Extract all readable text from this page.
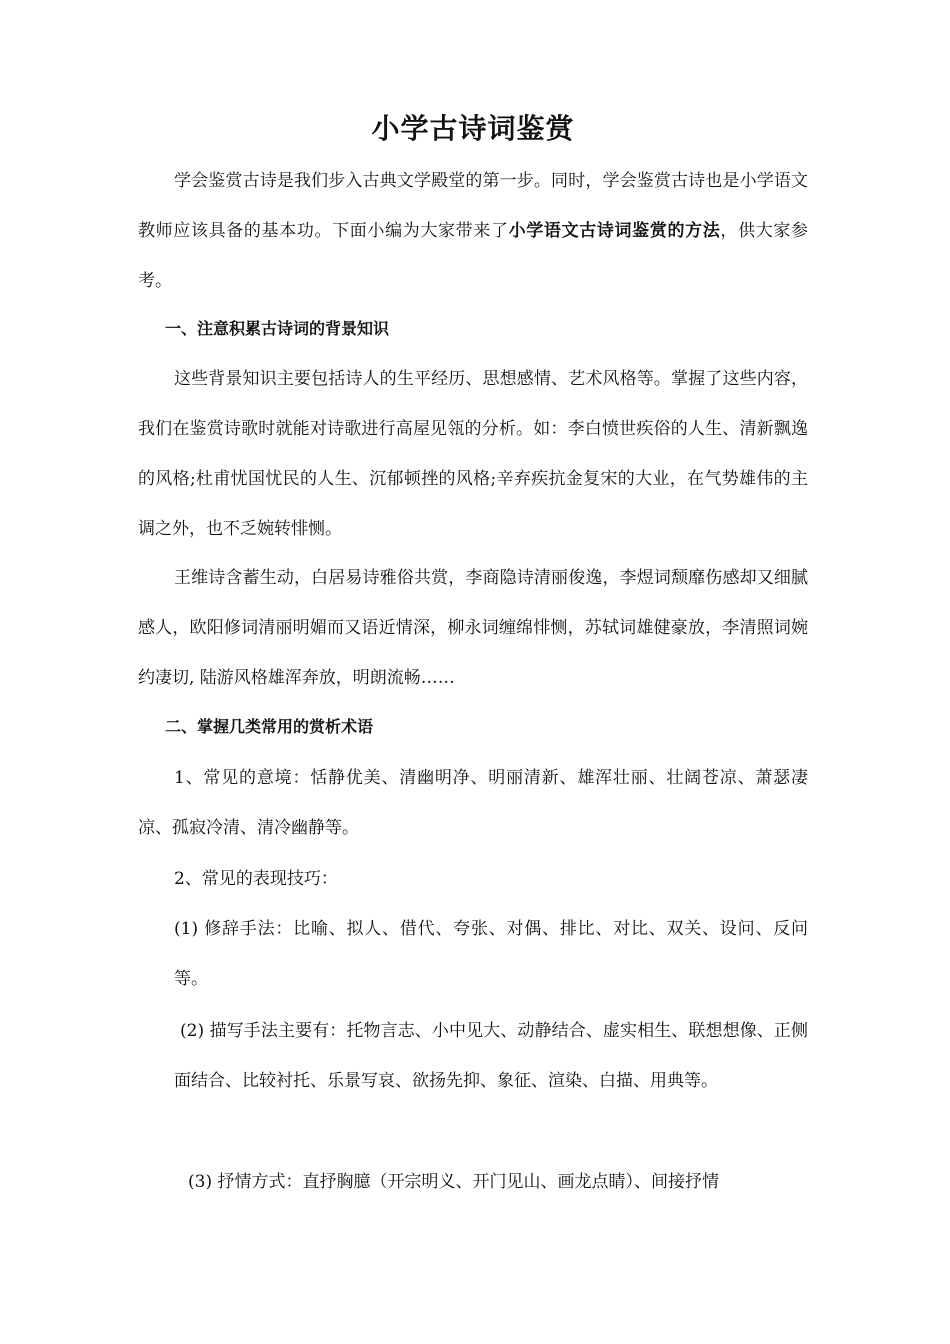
小学古诗词鉴赏

学会鉴赏古诗是我们步入古典文学殿堂的第一步。同时，学会鉴赏古诗也是小学语文教师应该具备的基本功。下面小编为大家带来了小学语文古诗词鉴赏的方法，供大家参考。

一、注意积累古诗词的背景知识

这些背景知识主要包括诗人的生平经历、思想感情、艺术风格等。掌握了这些内容，我们在鉴赏诗歌时就能对诗歌进行高屋见瓴的分析。如：李白愤世疾俗的人生、清新飘逸的风格;杜甫忧国忧民的人生、沉郁顿挫的风格;辛弃疾抗金复宋的大业，在气势雄伟的主调之外，也不乏婉转悱恻。

王维诗含蓄生动，白居易诗雅俗共赏，李商隐诗清丽俊逸，李煜词颓靡伤感却又细腻感人，欧阳修词清丽明媚而又语近情深，柳永词缠绵悱恻，苏轼词雄健豪放，李清照词婉约凄切, 陆游风格雄浑奔放，明朗流畅……

二、掌握几类常用的赏析术语

1、常见的意境：恬静优美、清幽明净、明丽清新、雄浑壮丽、壮阔苍凉、萧瑟凄凉、孤寂冷清、清冷幽静等。

2、常见的表现技巧：

(1) 修辞手法：比喻、拟人、借代、夸张、对偶、排比、对比、双关、设问、反问等。

(2) 描写手法主要有：托物言志、小中见大、动静结合、虚实相生、联想想像、正侧面结合、比较衬托、乐景写哀、欲扬先抑、象征、渲染、白描、用典等。

(3) 抒情方式：直抒胸臆（开宗明义、开门见山、画龙点睛）、间接抒情
